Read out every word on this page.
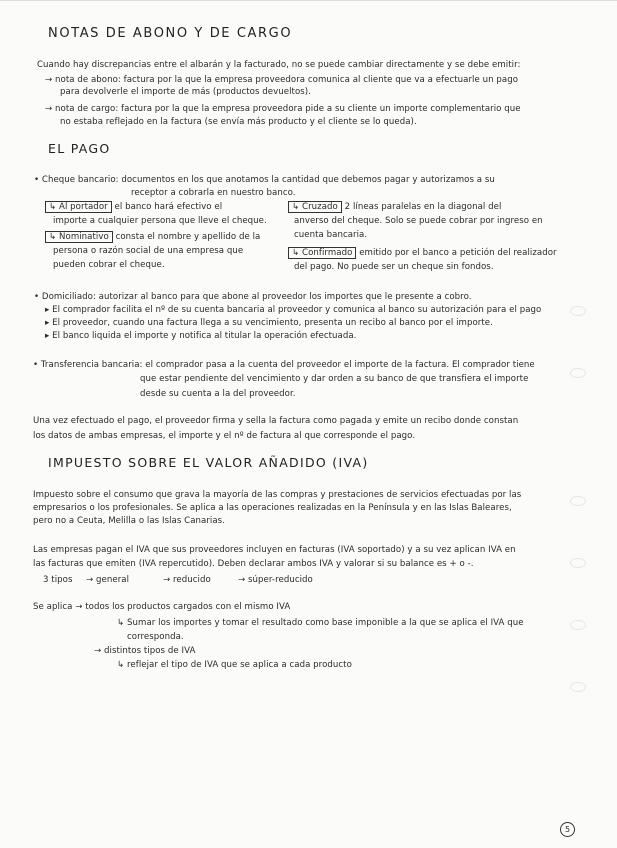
NOTAS DE ABONO Y DE CARGO
Cuando hay discrepancias entre el albarán y la facturado, no se puede cambiar directamente y se debe emitir:
→ nota de abono: factura por la que la empresa proveedora comunica al cliente que va a efectuarle un pago
para devolverle el importe de más (productos devueltos).
→ nota de cargo: factura por la que la empresa proveedora pide a su cliente un importe complementario que
no estaba reflejado en la factura (se envía más producto y el cliente se lo queda).
EL PAGO
• Cheque bancario: documentos en los que anotamos la cantidad que debemos pagar y autorizamos a su
receptor a cobrarla en nuestro banco.
↳ Al portador el banco hará efectivo el
importe a cualquier persona que lleve el cheque.
↳ Nominativo consta el nombre y apellido de la
persona o razón social de una empresa que
pueden cobrar el cheque.
↳ Cruzado 2 líneas paralelas en la diagonal del
anverso del cheque. Solo se puede cobrar por ingreso en
cuenta bancaria.
↳ Confirmado emitido por el banco a petición del realizador
del pago. No puede ser un cheque sin fondos.
• Domiciliado: autorizar al banco para que abone al proveedor los importes que le presente a cobro.
▸ El comprador facilita el nº de su cuenta bancaria al proveedor y comunica al banco su autorización para el pago
▸ El proveedor, cuando una factura llega a su vencimiento, presenta un recibo al banco por el importe.
▸ El banco liquida el importe y notifica al titular la operación efectuada.
• Transferencia bancaria: el comprador pasa a la cuenta del proveedor el importe de la factura. El comprador tiene
que estar pendiente del vencimiento y dar orden a su banco de que transfiera el importe
desde su cuenta a la del proveedor.
Una vez efectuado el pago, el proveedor firma y sella la factura como pagada y emite un recibo donde constan
los datos de ambas empresas, el importe y el nº de factura al que corresponde el pago.
IMPUESTO SOBRE EL VALOR AÑADIDO (IVA)
Impuesto sobre el consumo que grava la mayoría de las compras y prestaciones de servicios efectuadas por las
empresarios o los profesionales. Se aplica a las operaciones realizadas en la Península y en las Islas Baleares,
pero no a Ceuta, Melilla o las Islas Canarias.
Las empresas pagan el IVA que sus proveedores incluyen en facturas (IVA soportado) y a su vez aplican IVA en
las facturas que emiten (IVA repercutido). Deben declarar ambos IVA y valorar si su balance es + o -.
3 tipos → general	→ reducido	→ súper-reducido
Se aplica → todos los productos cargados con el mismo IVA
↳ Sumar los importes y tomar el resultado como base imponible a la que se aplica el IVA que
corresponda.
→ distintos tipos de IVA
↳ reflejar el tipo de IVA que se aplica a cada producto
5
